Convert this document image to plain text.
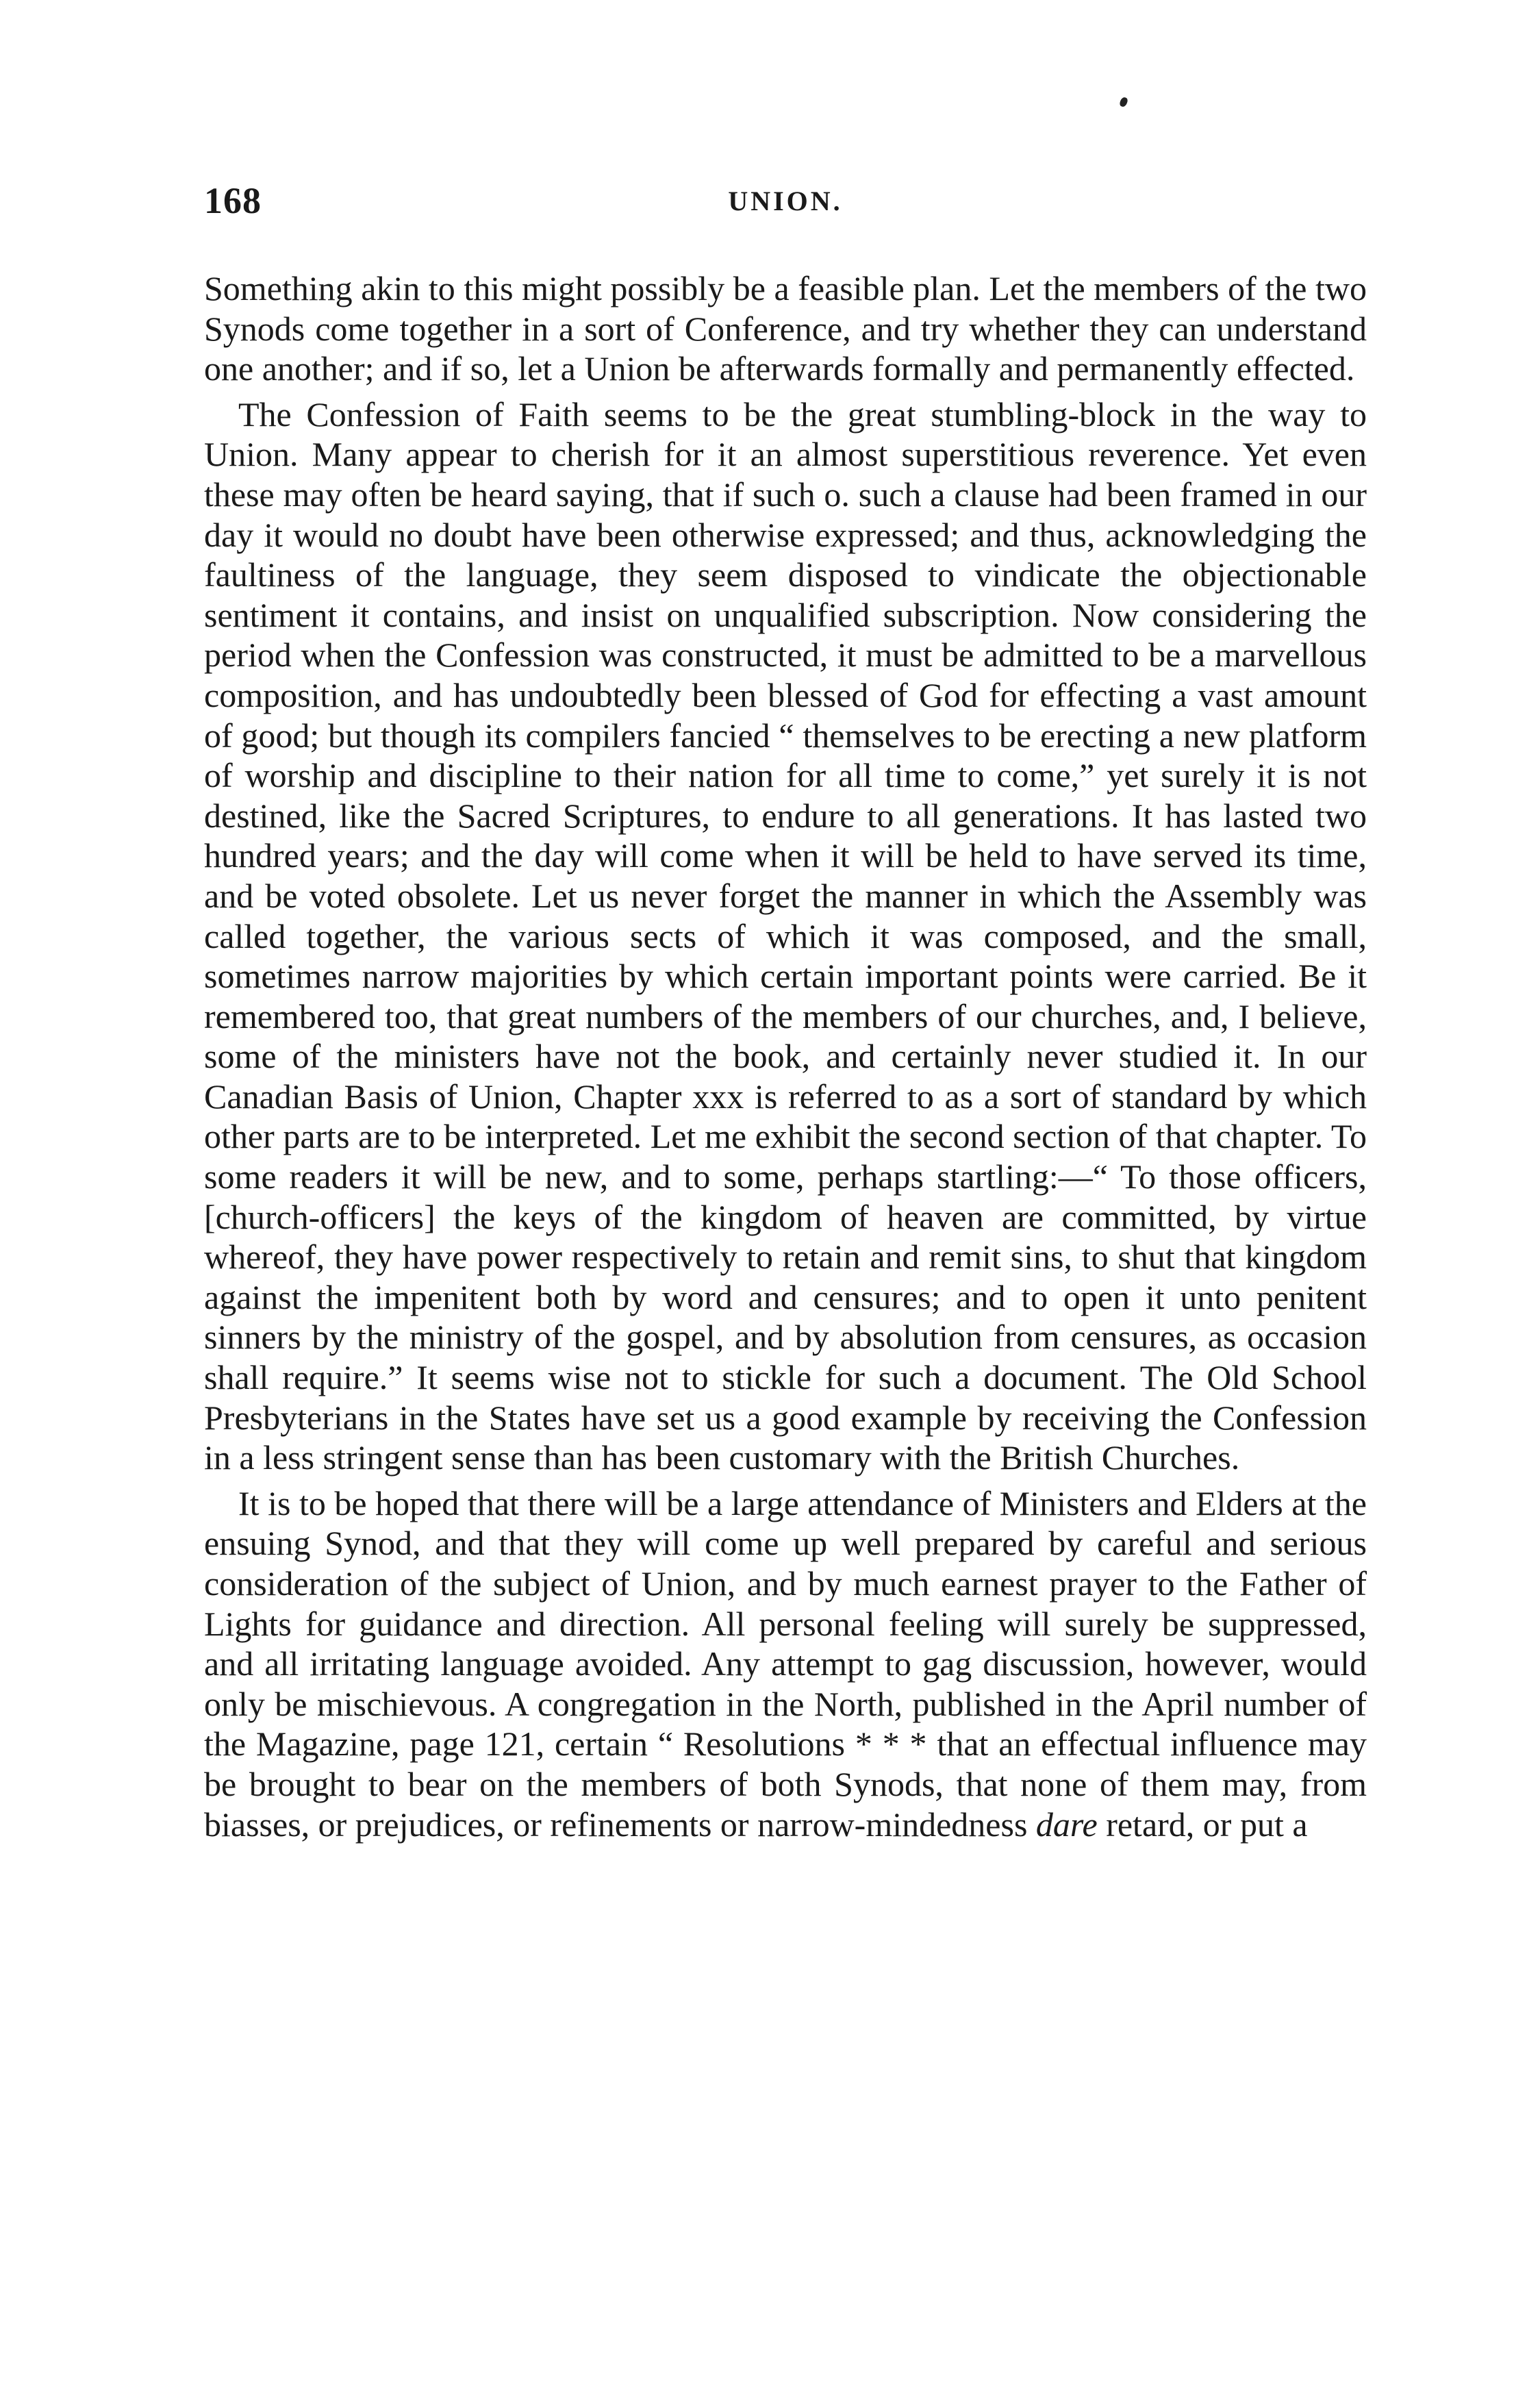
168	UNION.

Something akin to this might possibly be a feasible plan. Let the members of the two Synods come together in a sort of Conference, and try whether they can understand one another; and if so, let a Union be afterwards formally and permanently effected.

The Confession of Faith seems to be the great stumbling-block in the way to Union. Many appear to cherish for it an almost superstitious reverence. Yet even these may often be heard saying, that if such o. such a clause had been framed in our day it would no doubt have been otherwise expressed; and thus, acknowledging the faultiness of the language, they seem disposed to vindicate the objectionable sentiment it contains, and insist on unqualified subscription. Now considering the period when the Confession was constructed, it must be admitted to be a marvellous composition, and has undoubtedly been blessed of God for effecting a vast amount of good; but though its compilers fancied “ themselves to be erecting a new platform of worship and discipline to their nation for all time to come,” yet surely it is not destined, like the Sacred Scriptures, to endure to all generations. It has lasted two hundred years; and the day will come when it will be held to have served its time, and be voted obsolete. Let us never forget the manner in which the Assembly was called together, the various sects of which it was composed, and the small, sometimes narrow majorities by which certain important points were carried. Be it remembered too, that great numbers of the members of our churches, and, I believe, some of the ministers have not the book, and certainly never studied it. In our Canadian Basis of Union, Chapter xxx is referred to as a sort of standard by which other parts are to be interpreted. Let me exhibit the second section of that chapter. To some readers it will be new, and to some, perhaps startling:—“ To those officers, [church-officers] the keys of the kingdom of heaven are committed, by virtue whereof, they have power respectively to retain and remit sins, to shut that kingdom against the impenitent both by word and censures; and to open it unto penitent sinners by the ministry of the gospel, and by absolution from censures, as occasion shall require.” It seems wise not to stickle for such a document. The Old School Presbyterians in the States have set us a good example by receiving the Confession in a less stringent sense than has been customary with the British Churches.

It is to be hoped that there will be a large attendance of Ministers and Elders at the ensuing Synod, and that they will come up well prepared by careful and serious consideration of the subject of Union, and by much earnest prayer to the Father of Lights for guidance and direction. All personal feeling will surely be suppressed, and all irritating language avoided. Any attempt to gag discussion, however, would only be mischievous. A congregation in the North, published in the April number of the Magazine, page 121, certain “ Resolutions * * * that an effectual influence may be brought to bear on the members of both Synods, that none of them may, from biasses, or prejudices, or refinements or narrow-mindedness dare retard, or put a
